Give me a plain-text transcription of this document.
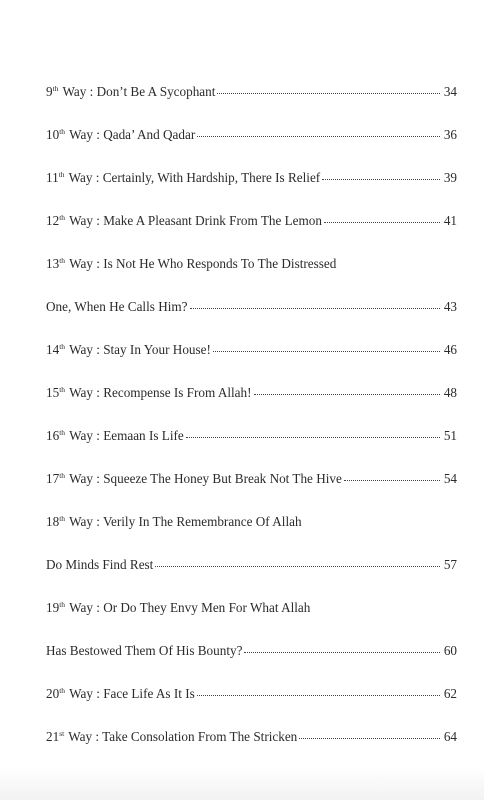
9th Way : Don’t Be A Sycophant	34
10th Way : Qada’ And Qadar	36
11th Way : Certainly, With Hardship, There Is Relief	39
12th Way : Make A Pleasant Drink From The Lemon	41
13th Way : Is Not He Who Responds To The Distressed
One, When He Calls Him?	43
14th Way : Stay In Your House!	46
15th Way : Recompense Is From Allah!	48
16th Way : Eemaan Is Life	51
17th Way : Squeeze The Honey But Break Not The Hive	54
18th Way : Verily In The Remembrance Of Allah
Do Minds Find Rest	57
19th Way : Or Do They Envy Men For What Allah
Has Bestowed Them Of His Bounty?	60
20th Way : Face Life As It Is	62
21st Way : Take Consolation From The Stricken	64
